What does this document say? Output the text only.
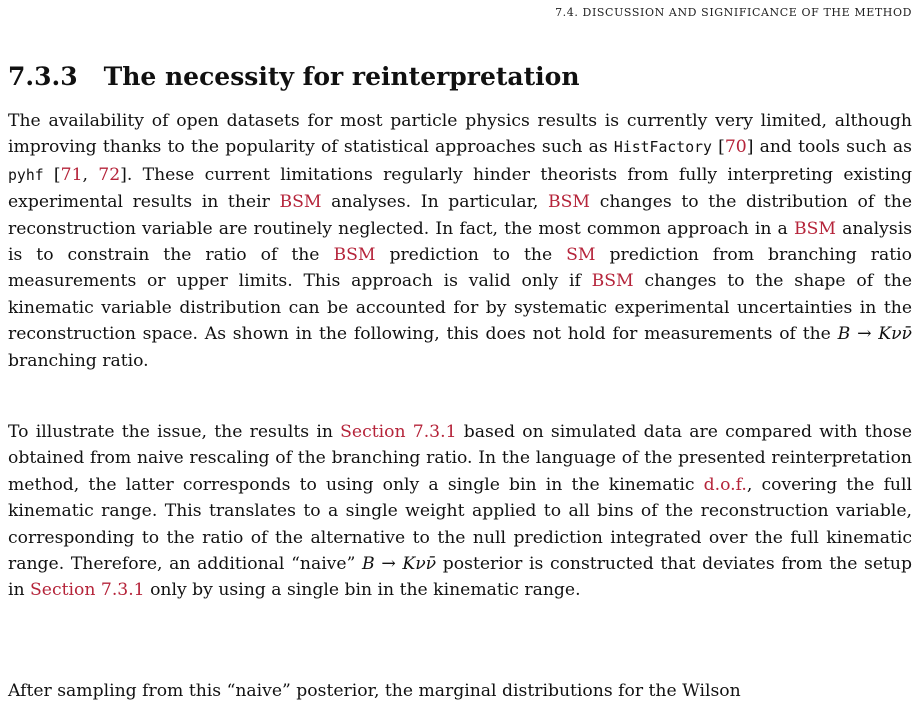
7.4. DISCUSSION AND SIGNIFICANCE OF THE METHOD
7.3.3 The necessity for reinterpretation

The availability of open datasets for most particle physics results is currently very limited, although improving thanks to the popularity of statistical approaches such as HistFactory [70] and tools such as pyhf [71, 72]. These current limitations regularly hinder theorists from fully interpreting existing experimental results in their BSM analyses. In particular, BSM changes to the distribution of the reconstruction variable are routinely neglected. In fact, the most common approach in a BSM analysis is to constrain the ratio of the BSM prediction to the SM prediction from branching ratio measurements or upper limits. This approach is valid only if BSM changes to the shape of the kinematic variable distribution can be accounted for by systematic experimental uncertainties in the reconstruction space. As shown in the following, this does not hold for measurements of the B → Kνν̄ branching ratio.

To illustrate the issue, the results in Section 7.3.1 based on simulated data are compared with those obtained from naive rescaling of the branching ratio. In the language of the presented reinterpretation method, the latter corresponds to using only a single bin in the kinematic d.o.f., covering the full kinematic range. This translates to a single weight applied to all bins of the reconstruction variable, corresponding to the ratio of the alternative to the null prediction integrated over the full kinematic range. Therefore, an additional “naive” B → Kνν̄ posterior is constructed that deviates from the setup in Section 7.3.1 only by using a single bin in the kinematic range.

After sampling from this “naive” posterior, the marginal distributions for the Wilson
